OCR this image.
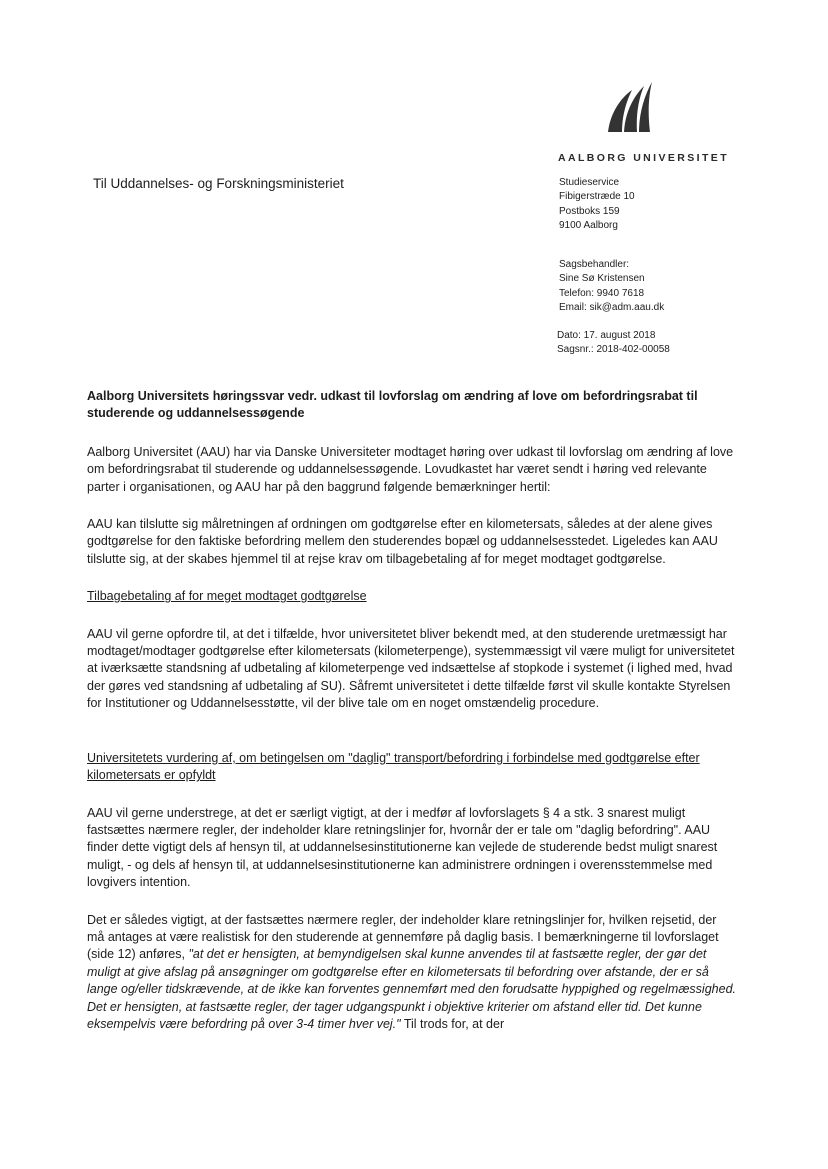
AALBORG UNIVERSITET
Til Uddannelses- og Forskningsministeriet	Studieservice
Fibigerstræde 10
Postboks 159
9100 Aalborg
Sagsbehandler:
Sine Sø Kristensen
Telefon: 9940 7618
Email: sik@adm.aau.dk
Dato: 17. august 2018
Sagsnr.: 2018-402-00058
Aalborg Universitets høringssvar vedr. udkast til lovforslag om ændring af love om befordringsrabat til studerende og uddannelsessøgende

Aalborg Universitet (AAU) har via Danske Universiteter modtaget høring over udkast til lovforslag om ændring af love om befordringsrabat til studerende og uddannelsessøgende. Lovudkastet har været sendt i høring ved relevante parter i organisationen, og AAU har på den baggrund følgende bemærkninger hertil:

AAU kan tilslutte sig målretningen af ordningen om godtgørelse efter en kilometersats, således at der alene gives godtgørelse for den faktiske befordring mellem den studerendes bopæl og uddannelsesstedet. Ligeledes kan AAU tilslutte sig, at der skabes hjemmel til at rejse krav om tilbagebetaling af for meget modtaget godtgørelse.

Tilbagebetaling af for meget modtaget godtgørelse

AAU vil gerne opfordre til, at det i tilfælde, hvor universitetet bliver bekendt med, at den studerende uretmæssigt har modtaget/modtager godtgørelse efter kilometersats (kilometerpenge), systemmæssigt vil være muligt for universitetet at iværksætte standsning af udbetaling af kilometerpenge ved indsættelse af stopkode i systemet (i lighed med, hvad der gøres ved standsning af udbetaling af SU). Såfremt universitetet i dette tilfælde først vil skulle kontakte Styrelsen for Institutioner og Uddannelsesstøtte, vil der blive tale om en noget omstændelig procedure.

Universitetets vurdering af, om betingelsen om "daglig" transport/befordring i forbindelse med godtgørelse efter kilometersats er opfyldt

AAU vil gerne understrege, at det er særligt vigtigt, at der i medfør af lovforslagets § 4 a stk. 3 snarest muligt fastsættes nærmere regler, der indeholder klare retningslinjer for, hvornår der er tale om "daglig befordring". AAU finder dette vigtigt dels af hensyn til, at uddannelsesinstitutionerne kan vejlede de studerende bedst muligt snarest muligt, - og dels af hensyn til, at uddannelsesinstitutionerne kan administrere ordningen i overensstemmelse med lovgivers intention.

Det er således vigtigt, at der fastsættes nærmere regler, der indeholder klare retningslinjer for, hvilken rejsetid, der må antages at være realistisk for den studerende at gennemføre på daglig basis. I bemærkningerne til lovforslaget (side 12) anføres, "at det er hensigten, at bemyndigelsen skal kunne anvendes til at fastsætte regler, der gør det muligt at give afslag på ansøgninger om godtgørelse efter en kilometersats til befordring over afstande, der er så lange og/eller tidskrævende, at de ikke kan forventes gennemført med den forudsatte hyppighed og regelmæssighed. Det er hensigten, at fastsætte regler, der tager udgangspunkt i objektive kriterier om afstand eller tid. Det kunne eksempelvis være befordring på over 3-4 timer hver vej." Til trods for, at der
